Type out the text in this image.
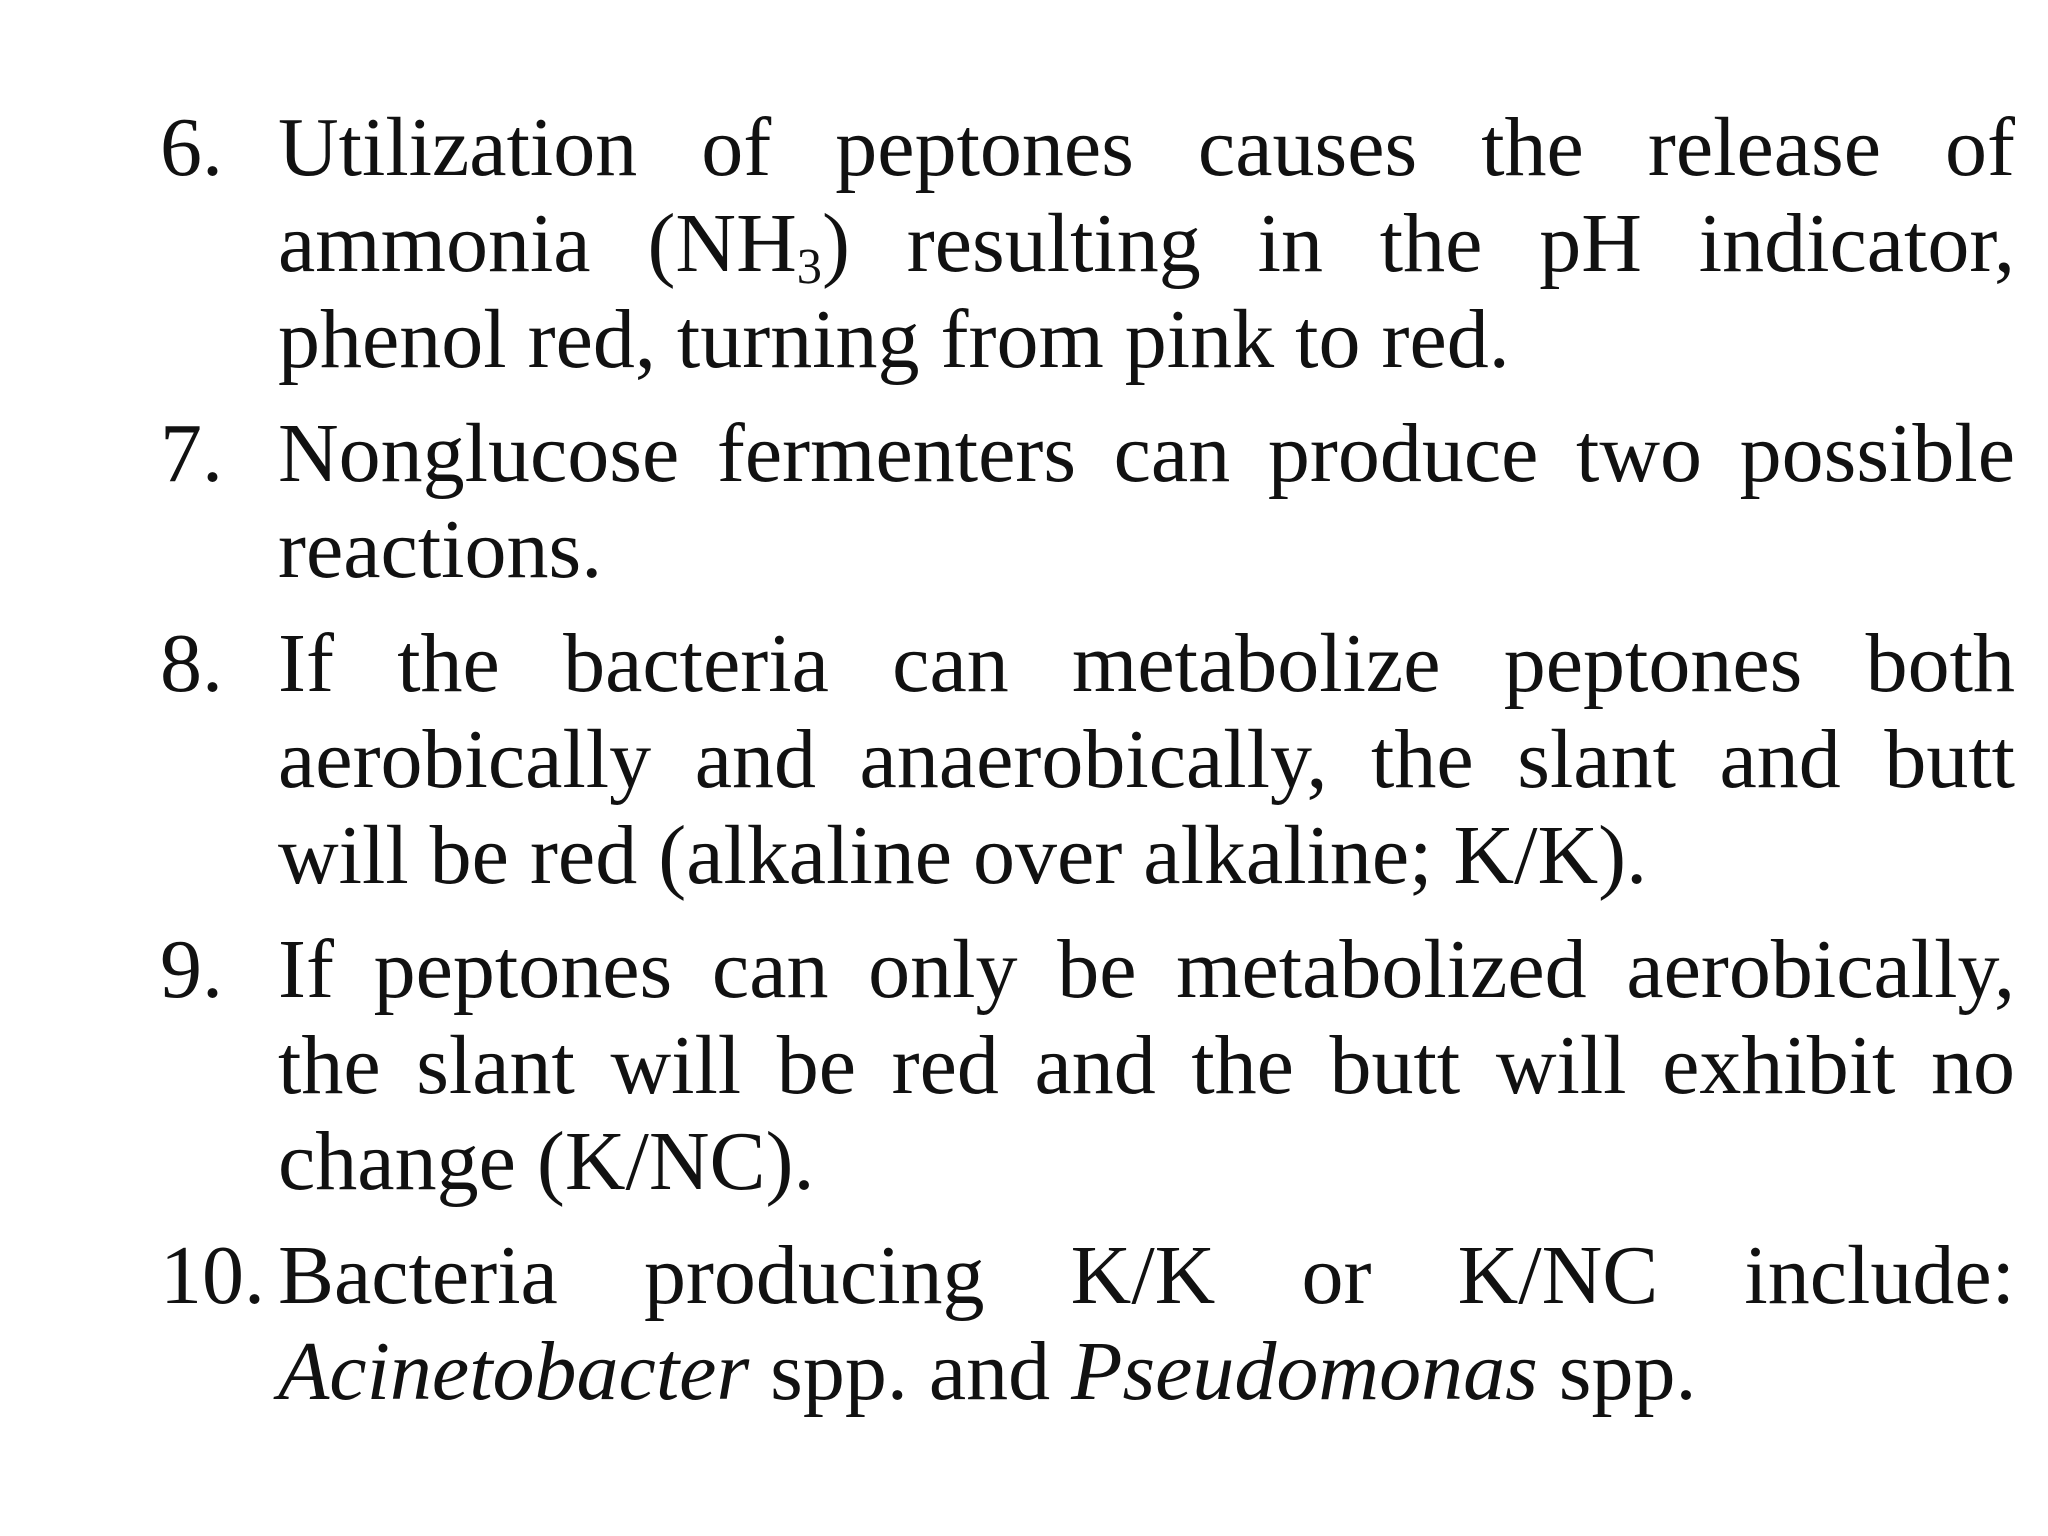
6. Utilization of peptones causes the release of ammonia $(NH_3)$ resulting in the pH indicator, phenol red, turning from pink to red.
7. Nonglucose fermenters can produce two possible reactions.
8. If the bacteria can metabolize peptones both aerobically and anaerobically, the slant and butt will be red (alkaline over alkaline; K/K).
9. If peptones can only be metabolized aerobically, the slant will be red and the butt will exhibit no change (K/NC).
10. Bacteria producing K/K or K/NC include: Acinetobacter spp. and Pseudomonas spp.
